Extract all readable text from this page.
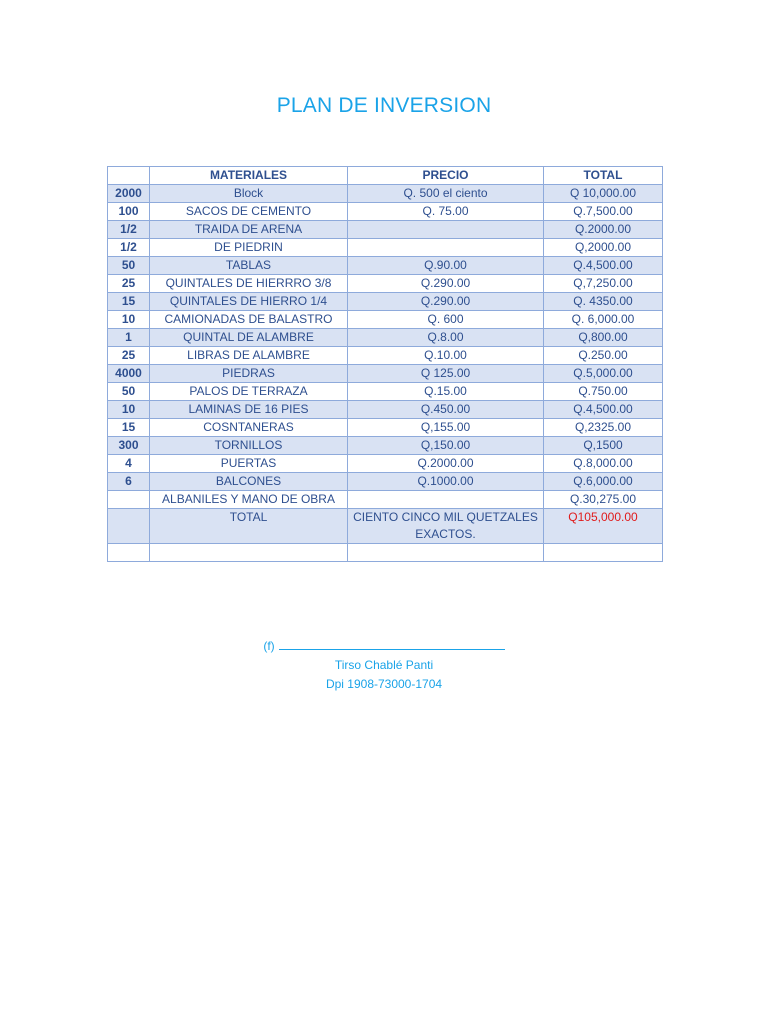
PLAN DE INVERSION
	MATERIALES	PRECIO	TOTAL
2000	Block	Q. 500 el ciento	Q 10,000.00
100	SACOS DE CEMENTO	Q. 75.00	Q.7,500.00
1/2	TRAIDA DE ARENA		Q.2000.00
1/2	DE PIEDRIN		Q,2000.00
50	TABLAS	Q.90.00	Q.4,500.00
25	QUINTALES DE HIERRRO 3/8	Q.290.00	Q,7,250.00
15	QUINTALES DE HIERRO 1/4	Q.290.00	Q. 4350.00
10	CAMIONADAS DE BALASTRO	Q. 600	Q. 6,000.00
1	QUINTAL DE ALAMBRE	Q.8.00	Q,800.00
25	LIBRAS DE ALAMBRE	Q.10.00	Q.250.00
4000	PIEDRAS	Q 125.00	Q.5,000.00
50	PALOS DE TERRAZA	Q.15.00	Q.750.00
10	LAMINAS DE 16 PIES	Q.450.00	Q.4,500.00
15	COSNTANERAS	Q,155.00	Q,2325.00
300	TORNILLOS	Q,150.00	Q,1500
4	PUERTAS	Q.2000.00	Q.8,000.00
6	BALCONES	Q.1000.00	Q.6,000.00
	ALBANILES Y MANO DE OBRA		Q.30,275.00
	TOTAL	CIENTO CINCO MIL QUETZALES EXACTOS.	Q105,000.00

(f)
Tirso Chablé Panti
Dpi 1908-73000-1704
